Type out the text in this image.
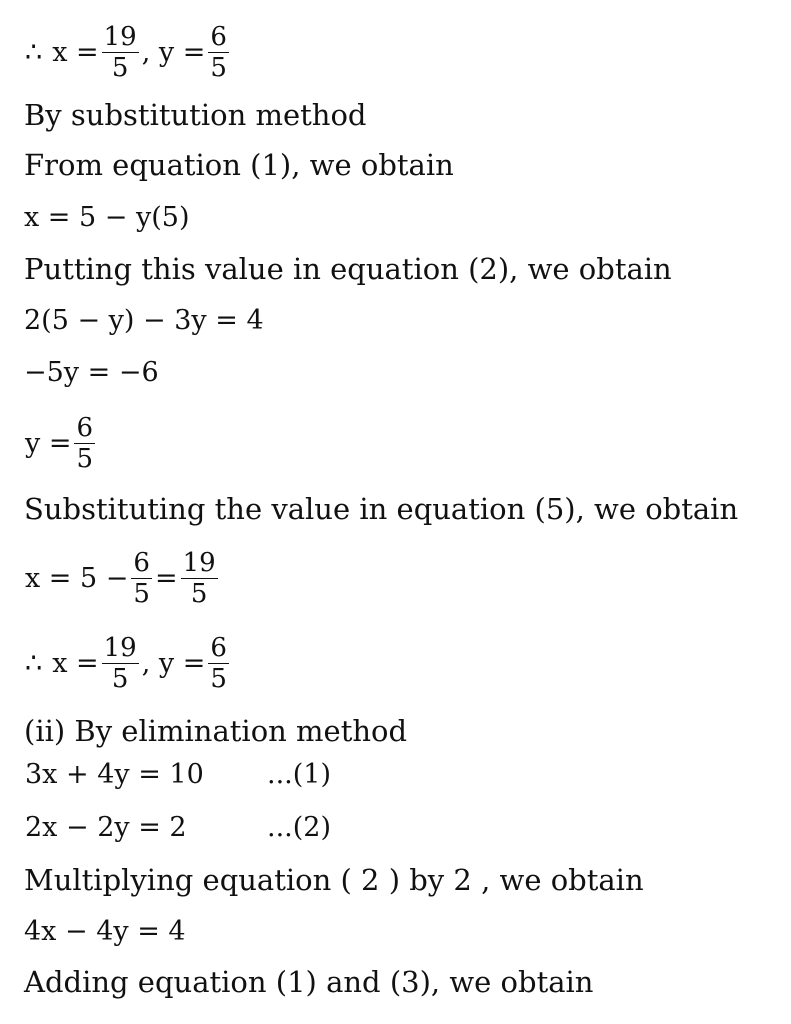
∴ $x = \frac{19}{5}$ , $y = \frac{6}{5}$
By substitution method
From equation (1), we obtain
x = 5 − y(5)
Putting this value in equation (2), we obtain
2(5 − y) − 3y = 4
−5y = −6
$y = \frac{6}{5}$
Substituting the value in equation (5), we obtain
$x = 5 - \frac{6}{5} = \frac{19}{5}$
∴ $x = \frac{19}{5}$ , $y = \frac{6}{5}$
(ii) By elimination method
3x + 4y = 10 ...(1)
2x − 2y = 2	...(2)
Multiplying equation ( 2 ) by 2 , we obtain
4x − 4y = 4
Adding equation (1) and (3), we obtain
